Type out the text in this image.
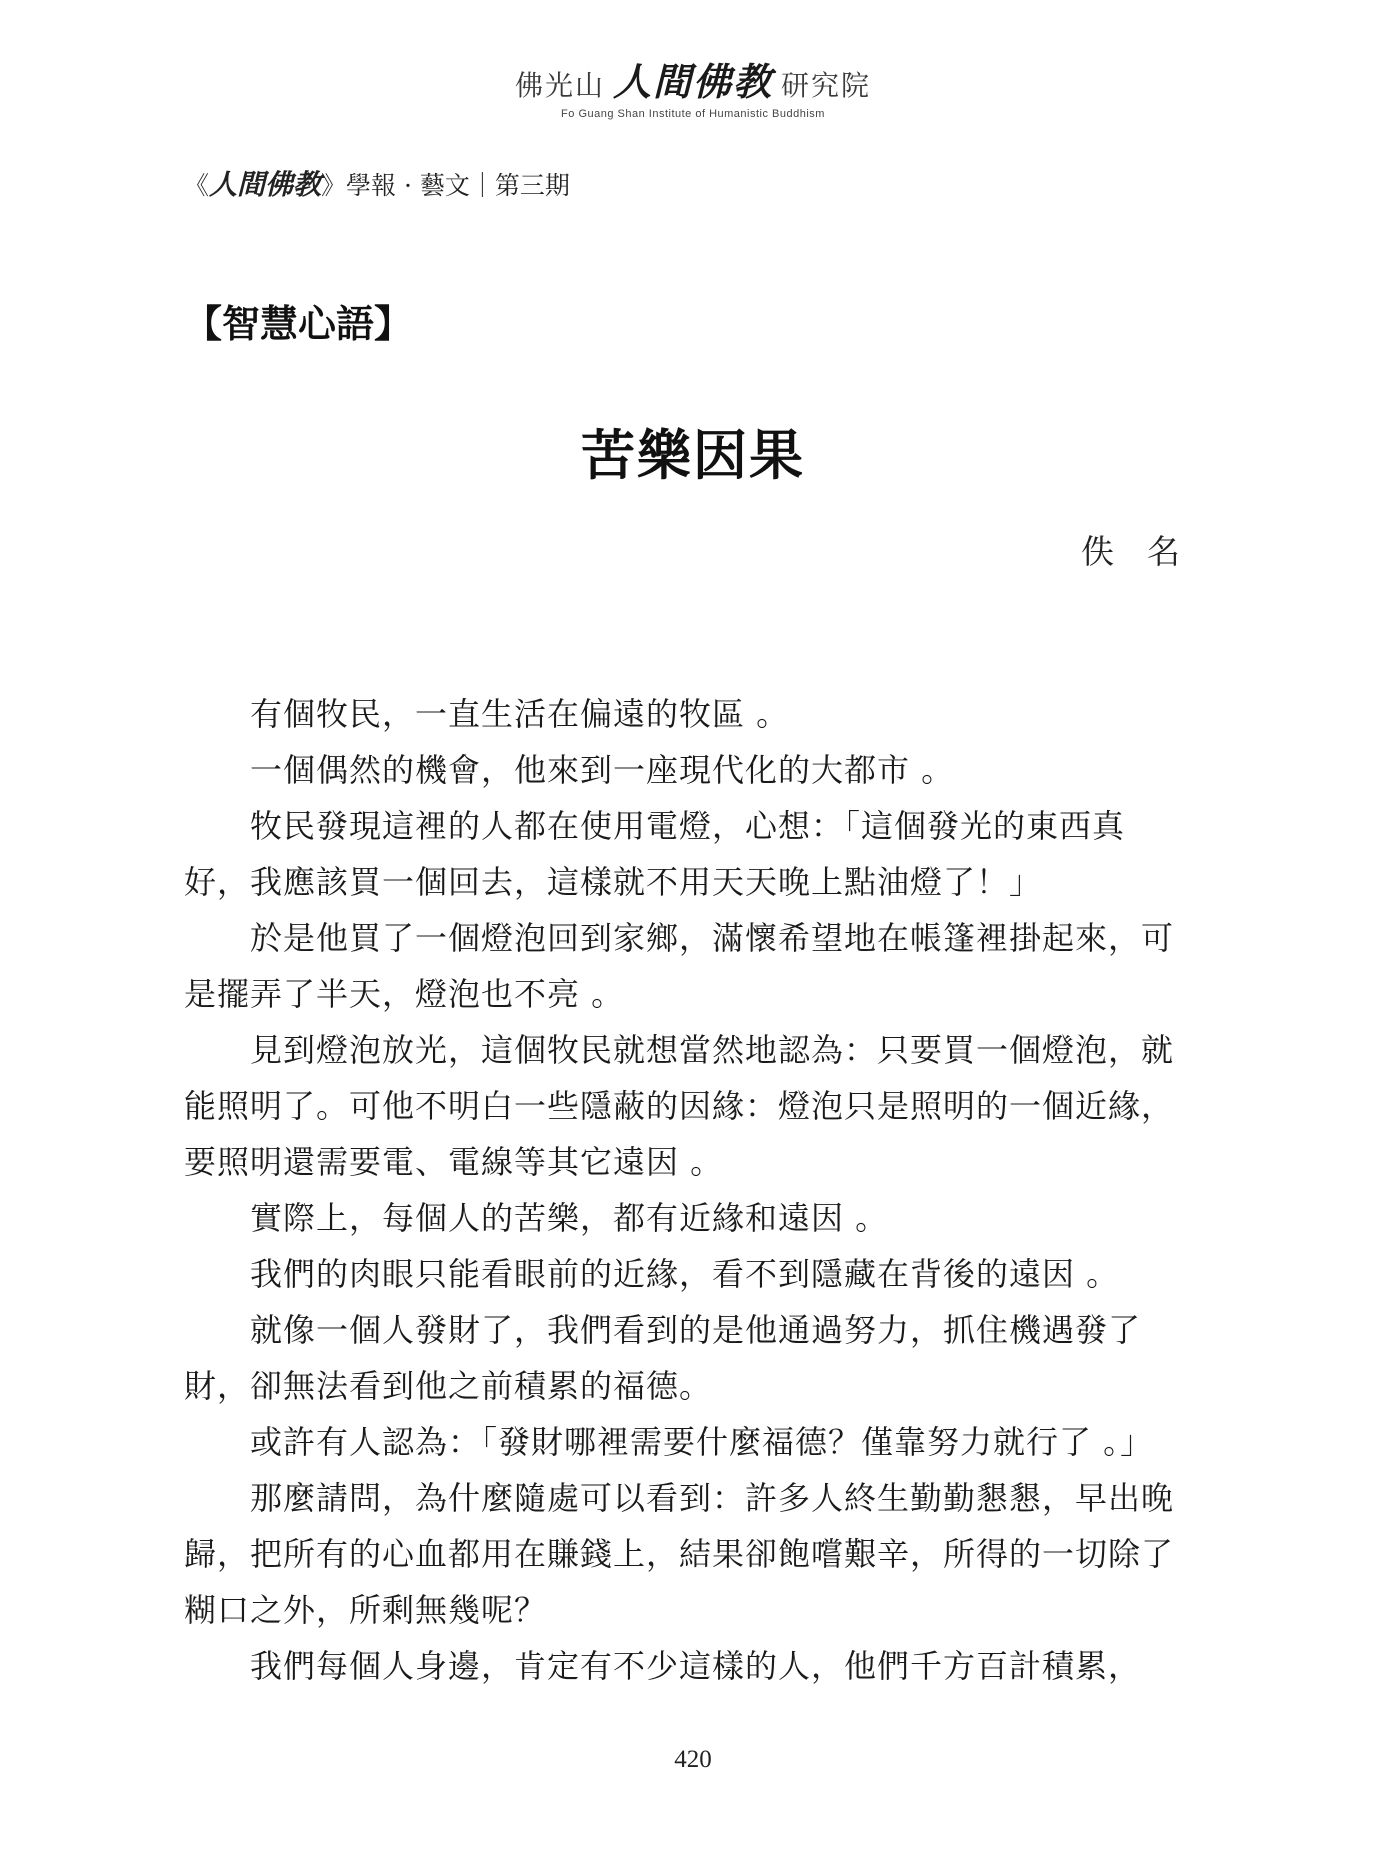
佛光山 人間佛教 研究院
Fo Guang Shan Institute of Humanistic Buddhism
《人間佛教》學報 · 藝文｜第三期
【智慧心語】
苦樂因果
佚　名

有個牧民，一直生活在偏遠的牧區 。

一個偶然的機會，他來到一座現代化的大都市 。

牧民發現這裡的人都在使用電燈，心想：「這個發光的東西真好，我應該買一個回去，這樣就不用天天晚上點油燈了！」

於是他買了一個燈泡回到家鄉，滿懷希望地在帳篷裡掛起來，可是擺弄了半天，燈泡也不亮 。

見到燈泡放光，這個牧民就想當然地認為：只要買一個燈泡，就能照明了。可他不明白一些隱蔽的因緣：燈泡只是照明的一個近緣，要照明還需要電、電線等其它遠因 。

實際上，每個人的苦樂，都有近緣和遠因 。

我們的肉眼只能看眼前的近緣，看不到隱藏在背後的遠因 。

就像一個人發財了，我們看到的是他通過努力，抓住機遇發了財，卻無法看到他之前積累的福德。

或許有人認為：「發財哪裡需要什麼福德？僅靠努力就行了 。」

那麼請問，為什麼隨處可以看到：許多人終生勤勤懇懇，早出晚歸，把所有的心血都用在賺錢上，結果卻飽嚐艱辛，所得的一切除了糊口之外，所剩無幾呢？

我們每個人身邊，肯定有不少這樣的人，他們千方百計積累，

420
